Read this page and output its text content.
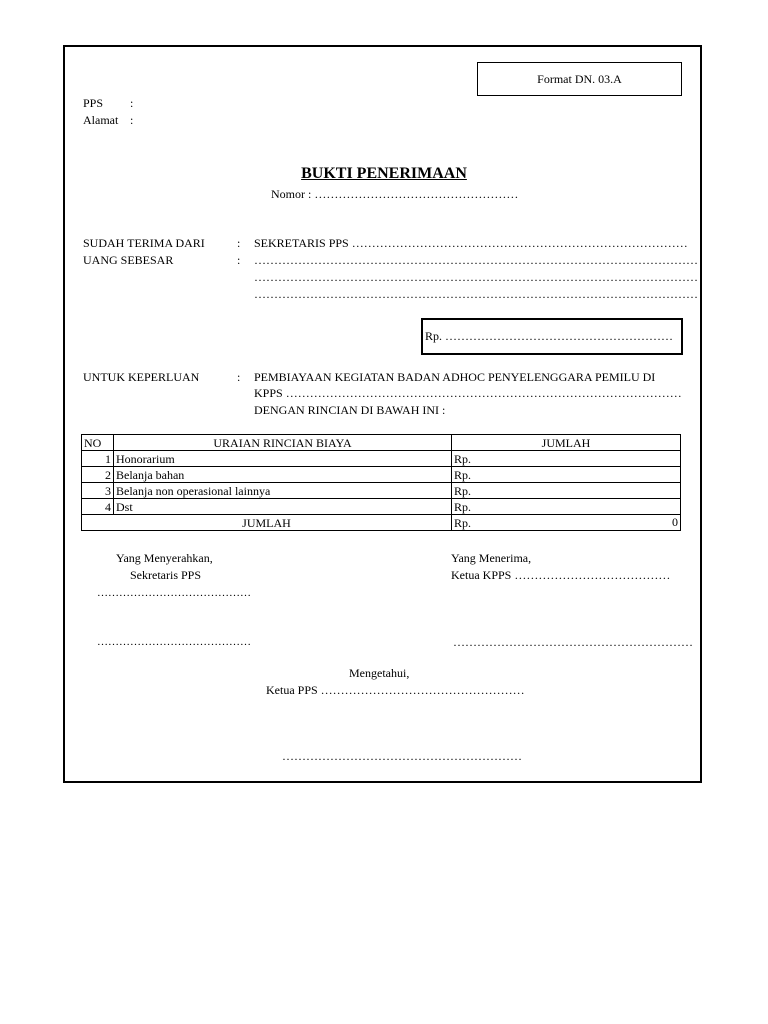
Format DN. 03.A
PPS :
Alamat :
BUKTI PENERIMAAN
Nomor : ……………………………………………
SUDAH TERIMA DARI	: SEKRETARIS PPS …………………………………………………………………………
UANG SEBESAR	: …………………………………………………………………………………………………
…………………………………………………………………………………………………
…………………………………………………………………………………………………
Rp. …………………………………………………
UNTUK KEPERLUAN	: PEMBIAYAAN KEGIATAN BADAN ADHOC PENYELENGGARA PEMILU DI
KPPS ………………………………………………………………………………………
DENGAN RINCIAN DI BAWAH INI :
NO	URAIAN RINCIAN BIAYA	JUMLAH
1	Honorarium	Rp.
2	Belanja bahan	Rp.
3	Belanja non operasional lainnya	Rp.
4	Dst	Rp.
JUMLAH		Rp. 0
Yang Menyerahkan,
Sekretaris PPS
……………………………………
……………………………………
Yang Menerima,
Ketua KPPS …………………………………
……………………………………………………
Mengetahui,
Ketua PPS ……………………………………………
……………………………………………………
